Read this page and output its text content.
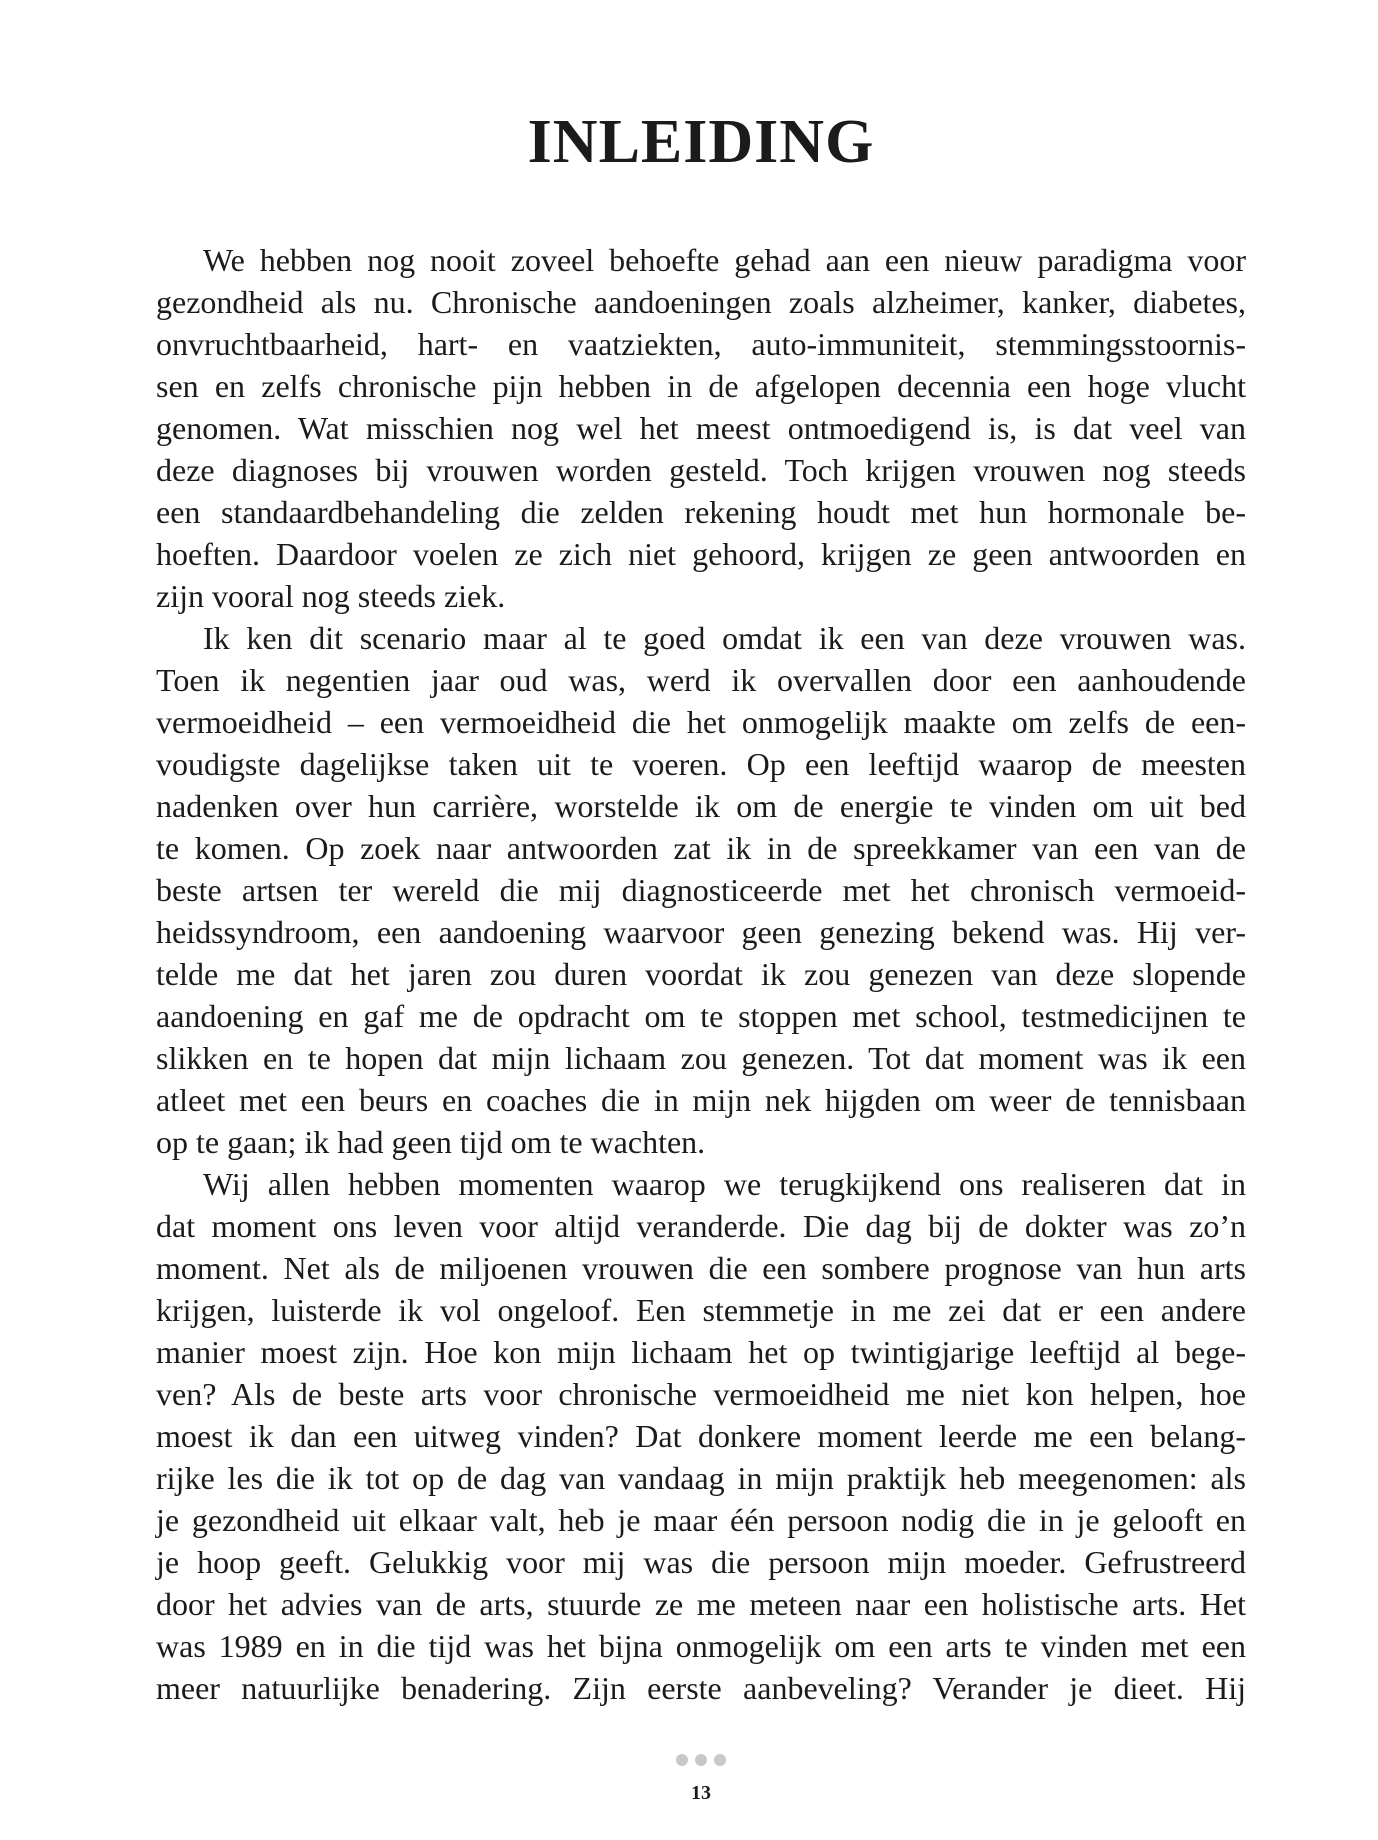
INLEIDING
We hebben nog nooit zoveel behoefte gehad aan een nieuw paradigma voor
gezondheid als nu. Chronische aandoeningen zoals alzheimer, kanker, diabetes,
onvruchtbaarheid, hart- en vaatziekten, auto-immuniteit, stemmingsstoornis-
sen en zelfs chronische pijn hebben in de afgelopen decennia een hoge vlucht
genomen. Wat misschien nog wel het meest ontmoedigend is, is dat veel van
deze diagnoses bij vrouwen worden gesteld. Toch krijgen vrouwen nog steeds
een standaardbehandeling die zelden rekening houdt met hun hormonale be-
hoeften. Daardoor voelen ze zich niet gehoord, krijgen ze geen antwoorden en
zijn vooral nog steeds ziek.
Ik ken dit scenario maar al te goed omdat ik een van deze vrouwen was.
Toen ik negentien jaar oud was, werd ik overvallen door een aanhoudende
vermoeidheid – een vermoeidheid die het onmogelijk maakte om zelfs de een-
voudigste dagelijkse taken uit te voeren. Op een leeftijd waarop de meesten
nadenken over hun carrière, worstelde ik om de energie te vinden om uit bed
te komen. Op zoek naar antwoorden zat ik in de spreekkamer van een van de
beste artsen ter wereld die mij diagnosticeerde met het chronisch vermoeid-
heidssyndroom, een aandoening waarvoor geen genezing bekend was. Hij ver-
telde me dat het jaren zou duren voordat ik zou genezen van deze slopende
aandoening en gaf me de opdracht om te stoppen met school, testmedicijnen te
slikken en te hopen dat mijn lichaam zou genezen. Tot dat moment was ik een
atleet met een beurs en coaches die in mijn nek hijgden om weer de tennisbaan
op te gaan; ik had geen tijd om te wachten.
Wij allen hebben momenten waarop we terugkijkend ons realiseren dat in
dat moment ons leven voor altijd veranderde. Die dag bij de dokter was zo’n
moment. Net als de miljoenen vrouwen die een sombere prognose van hun arts
krijgen, luisterde ik vol ongeloof. Een stemmetje in me zei dat er een andere
manier moest zijn. Hoe kon mijn lichaam het op twintigjarige leeftijd al bege-
ven? Als de beste arts voor chronische vermoeidheid me niet kon helpen, hoe
moest ik dan een uitweg vinden? Dat donkere moment leerde me een belang-
rijke les die ik tot op de dag van vandaag in mijn praktijk heb meegenomen: als
je gezondheid uit elkaar valt, heb je maar één persoon nodig die in je gelooft en
je hoop geeft. Gelukkig voor mij was die persoon mijn moeder. Gefrustreerd
door het advies van de arts, stuurde ze me meteen naar een holistische arts. Het
was 1989 en in die tijd was het bijna onmogelijk om een arts te vinden met een
meer natuurlijke benadering. Zijn eerste aanbeveling? Verander je dieet. Hij
13
